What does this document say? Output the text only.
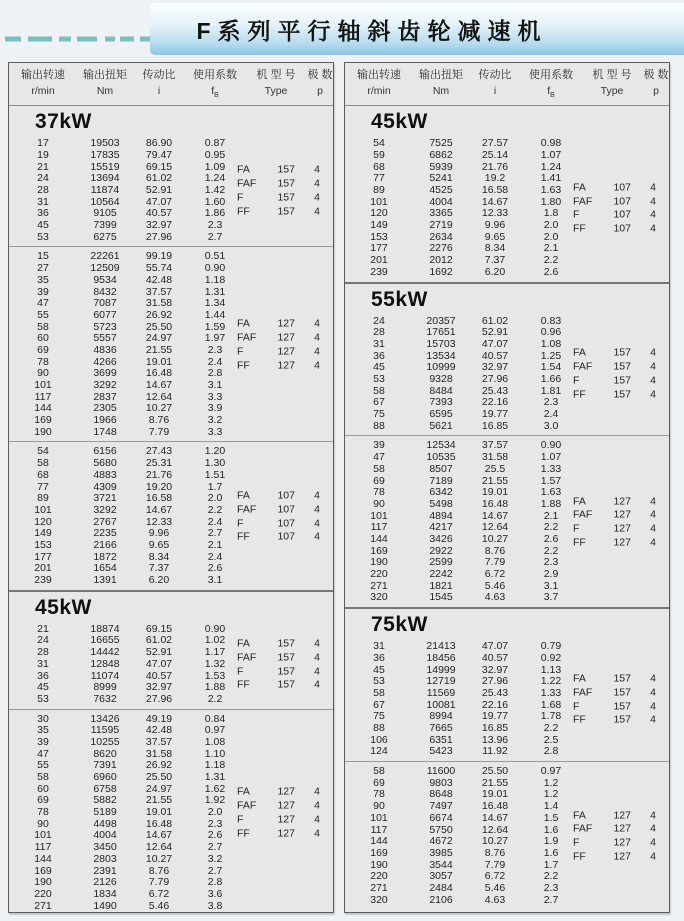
F系列平行轴斜齿轮减速机
输出转速
r/min
输出扭矩
Nm
传动比
i
使用系数
$f_B$
机 型 号
Type
极 数
p
37kW
17	19503	86.90	0.87
19	17835	79.47	0.95
21	15519	69.15	1.09
24	13694	61.02	1.24
28	11874	52.91	1.42
31	10564	47.07	1.60
36	9105	40.57	1.86
45	7399	32.97	2.3
53	6275	27.96	2.7
FA	157	4
FAF	157	4
F	157	4
FF	157	4
15	22261	99.19	0.51
27	12509	55.74	0.90
35	9534	42.48	1.18
39	8432	37.57	1.31
47	7087	31.58	1.34
55	6077	26.92	1.44
58	5723	25.50	1.59
60	5557	24.97	1.97
69	4836	21.55	2.3
78	4266	19.01	2.4
90	3699	16.48	2.8
101	3292	14.67	3.1
117	2837	12.64	3.3
144	2305	10.27	3.9
169	1966	8.76	3.2
190	1748	7.79	3.3
FA	127	4
FAF	127	4
F	127	4
FF	127	4
54	6156	27.43	1.20
58	5680	25.31	1.30
68	4883	21.76	1.51
77	4309	19.20	1.7
89	3721	16.58	2.0
101	3292	14.67	2.2
120	2767	12.33	2.4
149	2235	9.96	2.7
153	2166	9.65	2.1
177	1872	8.34	2.4
201	1654	7.37	2.6
239	1391	6.20	3.1
FA	107	4
FAF	107	4
F	107	4
FF	107	4
45kW
21	18874	69.15	0.90
24	16655	61.02	1.02
28	14442	52.91	1.17
31	12848	47.07	1.32
36	11074	40.57	1.53
45	8999	32.97	1.88
53	7632	27.96	2.2
FA	157	4
FAF	157	4
F	157	4
FF	157	4
30	13426	49.19	0.84
35	11595	42.48	0.97
39	10255	37.57	1.08
47	8620	31.58	1.10
55	7391	26.92	1.18
58	6960	25.50	1.31
60	6758	24.97	1.62
69	5882	21.55	1.92
78	5189	19.01	2.0
90	4498	16.48	2.3
101	4004	14.67	2.6
117	3450	12.64	2.7
144	2803	10.27	3.2
169	2391	8.76	2.7
190	2126	7.79	2.8
220	1834	6.72	3.6
271	1490	5.46	3.8
FA	127	4
FAF	127	4
F	127	4
FF	127	4
输出转速
r/min
输出扭矩
Nm
传动比
i
使用系数
$f_B$
机 型 号
Type
极 数
p
45kW
54	7525	27.57	0.98
59	6862	25.14	1.07
68	5939	21.76	1.24
77	5241	19.2	1.41
89	4525	16.58	1.63
101	4004	14.67	1.80
120	3365	12.33	1.8
149	2719	9.96	2.0
153	2634	9.65	2.0
177	2276	8.34	2.1
201	2012	7.37	2.2
239	1692	6.20	2.6
FA	107	4
FAF	107	4
F	107	4
FF	107	4
55kW
24	20357	61.02	0.83
28	17651	52.91	0.96
31	15703	47.07	1.08
36	13534	40.57	1.25
45	10999	32.97	1.54
53	9328	27.96	1.66
58	8484	25.43	1.81
67	7393	22.16	2.3
75	6595	19.77	2.4
88	5621	16.85	3.0
FA	157	4
FAF	157	4
F	157	4
FF	157	4
39	12534	37.57	0.90
47	10535	31.58	1.07
58	8507	25.5	1.33
69	7189	21.55	1.57
78	6342	19.01	1.63
90	5498	16.48	1.88
101	4894	14.67	2.1
117	4217	12.64	2.2
144	3426	10.27	2.6
169	2922	8.76	2.2
190	2599	7.79	2.3
220	2242	6.72	2.9
271	1821	5.46	3.1
320	1545	4.63	3.7
FA	127	4
FAF	127	4
F	127	4
FF	127	4
75kW
31	21413	47.07	0.79
36	18456	40.57	0.92
45	14999	32.97	1.13
53	12719	27.96	1.22
58	11569	25.43	1.33
67	10081	22.16	1.68
75	8994	19.77	1.78
88	7665	16.85	2.2
106	6351	13.96	2.5
124	5423	11.92	2.8
FA	157	4
FAF	157	4
F	157	4
FF	157	4
58	11600	25.50	0.97
69	9803	21.55	1.2
78	8648	19.01	1.2
90	7497	16.48	1.4
101	6674	14.67	1.5
117	5750	12.64	1.6
144	4672	10.27	1.9
169	3985	8.76	1.6
190	3544	7.79	1.7
220	3057	6.72	2.2
271	2484	5.46	2.3
320	2106	4.63	2.7
FA	127	4
FAF	127	4
F	127	4
FF	127	4
